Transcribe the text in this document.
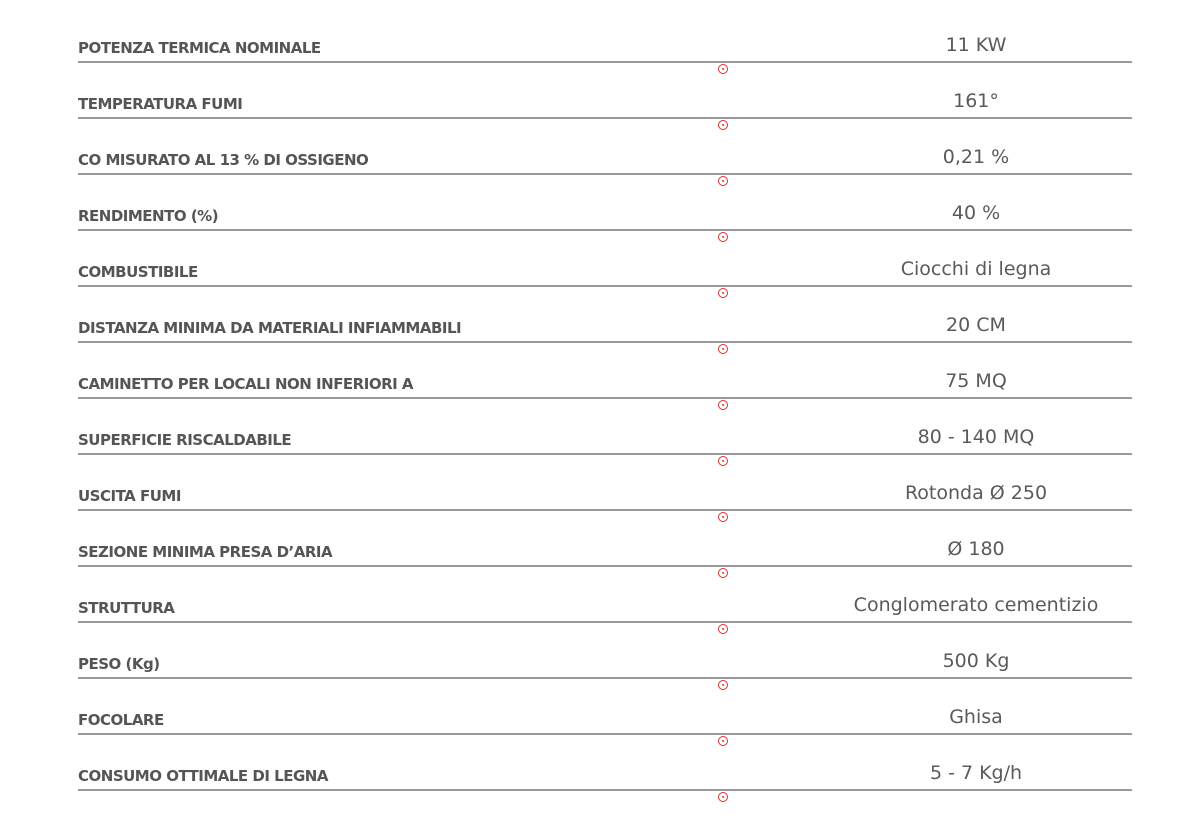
POTENZA TERMICA NOMINALE	11 KW
TEMPERATURA FUMI	161°
CO MISURATO AL 13 % DI OSSIGENO	0,21 %
RENDIMENTO (%)	40 %
COMBUSTIBILE	Ciocchi di legna
DISTANZA MINIMA DA MATERIALI INFIAMMABILI	20 CM
CAMINETTO PER LOCALI NON INFERIORI A	75 MQ
SUPERFICIE RISCALDABILE	80 - 140 MQ
USCITA FUMI	Rotonda Ø 250
SEZIONE MINIMA PRESA D’ARIA	Ø 180
STRUTTURA	Conglomerato cementizio
PESO (Kg)	500 Kg
FOCOLARE	Ghisa
CONSUMO OTTIMALE DI LEGNA	5 - 7 Kg/h
